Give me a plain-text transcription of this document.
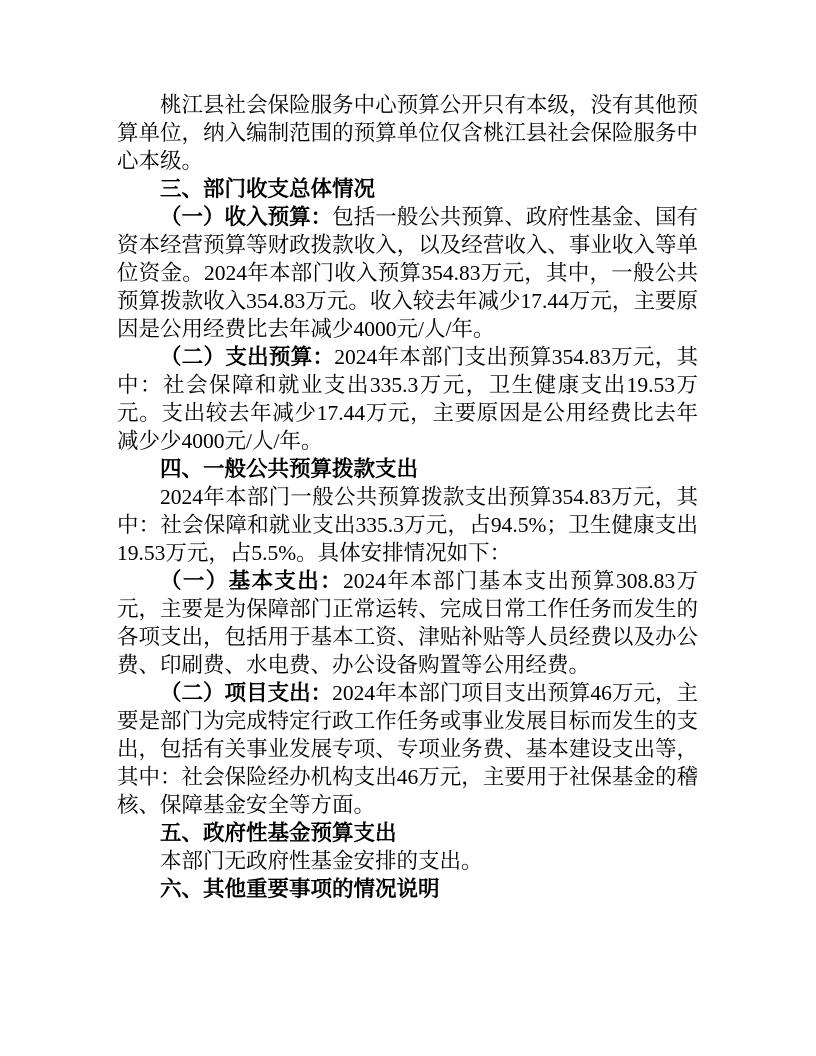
桃江县社会保险服务中心预算公开只有本级，没有其他预算单位，纳入编制范围的预算单位仅含桃江县社会保险服务中心本级。

三、部门收支总体情况

（一）收入预算：包括一般公共预算、政府性基金、国有资本经营预算等财政拨款收入，以及经营收入、事业收入等单位资金。2024年本部门收入预算354.83万元，其中，一般公共预算拨款收入354.83万元。收入较去年减少17.44万元，主要原因是公用经费比去年减少4000元/人/年。

（二）支出预算：2024年本部门支出预算354.83万元，其中：社会保障和就业支出335.3万元，卫生健康支出19.53万元。支出较去年减少17.44万元，主要原因是公用经费比去年减少少4000元/人/年。

四、一般公共预算拨款支出

2024年本部门一般公共预算拨款支出预算354.83万元，其中：社会保障和就业支出335.3万元，占94.5%；卫生健康支出19.53万元，占5.5%。具体安排情况如下：

（一）基本支出：2024年本部门基本支出预算308.83万元，主要是为保障部门正常运转、完成日常工作任务而发生的各项支出，包括用于基本工资、津贴补贴等人员经费以及办公费、印刷费、水电费、办公设备购置等公用经费。

（二）项目支出：2024年本部门项目支出预算46万元，主要是部门为完成特定行政工作任务或事业发展目标而发生的支出，包括有关事业发展专项、专项业务费、基本建设支出等，其中：社会保险经办机构支出46万元，主要用于社保基金的稽核、保障基金安全等方面。

五、政府性基金预算支出

本部门无政府性基金安排的支出。

六、其他重要事项的情况说明
